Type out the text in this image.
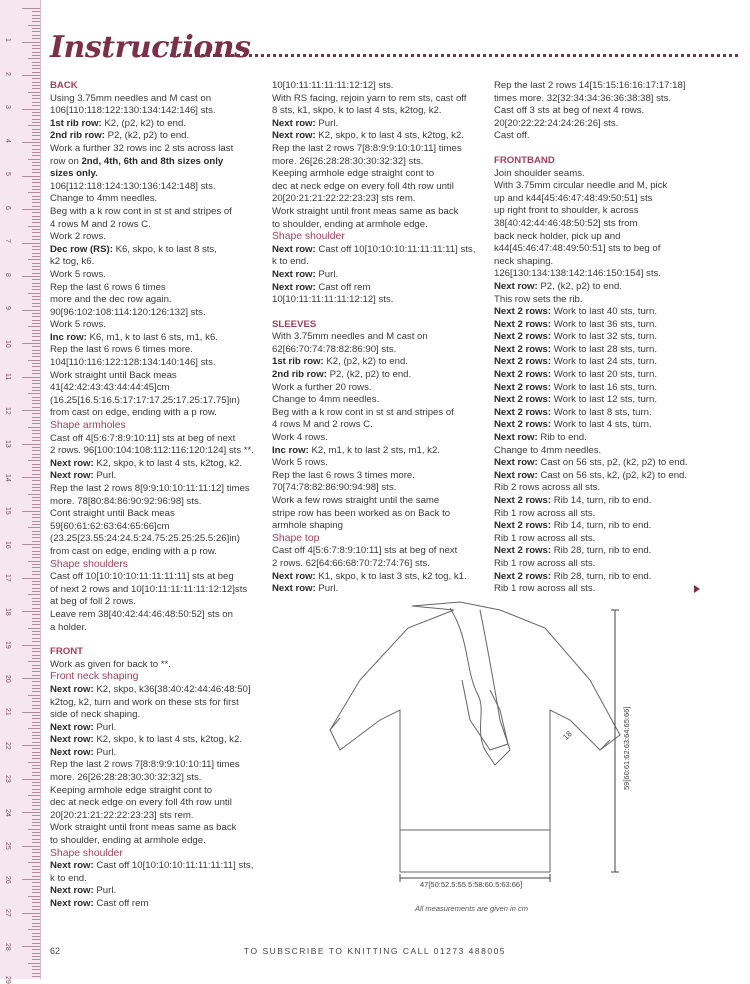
1
2
3
4
5
6
7
8
9
10
11
12
13
14
15
16
17
18
19
20
21
22
23
24
25
26
27
28
29
Instructions
BACK
Using 3.75mm needles and M cast on
106[110:118:122:130:134:142:146] sts.
1st rib row: K2, (p2, k2) to end.
2nd rib row: P2, (k2, p2) to end.
Work a further 32 rows inc 2 sts across last
row on 2nd, 4th, 6th and 8th sizes only
sizes only.
106[112:118:124:130:136:142:148] sts.
Change to 4mm needles.
Beg with a k row cont in st st and stripes of
4 rows M and 2 rows C.
Work 2 rows.
Dec row (RS): K6, skpo, k to last 8 sts,
k2 tog, k6.
Work 5 rows.
Rep the last 6 rows 6 times
more and the dec row again.
90[96:102:108:114:120:126:132] sts.
Work 5 rows.
Inc row: K6, m1, k to last 6 sts, m1, k6.
Rep the last 6 rows 6 times more.
104[110:116:122:128:134:140:146] sts.
Work straight until Back meas
41[42:42:43:43:44:44:45]cm
(16.25[16.5:16.5:17:17:17.25:17.25:17.75]in)
from cast on edge, ending with a p row.
Shape armholes
Cast off 4[5:6:7:8:9:10:11] sts at beg of next
2 rows. 96[100:104:108:112:116:120:124] sts **.
Next row: K2, skpo, k to last 4 sts, k2tog, k2.
Next row: Purl.
Rep the last 2 rows 8[9:9:10:10:11:11:12] times
more. 78[80:84:86:90:92:96:98] sts.
Cont straight until Back meas
59[60:61:62:63:64:65:66]cm
(23.25[23.55:24:24.5:24.75:25.25:25.5:26]in)
from cast on edge, ending with a p row.
Shape shoulders
Cast off 10[10:10:10:11:11:11:11] sts at beg
of next 2 rows and 10[10:11:11:11:11:12:12]sts
at beg of foll 2 rows.
Leave rem 38[40:42:44:46:48:50:52] sts on
a holder.
FRONT
Work as given for back to **.
Front neck shaping
Next row: K2, skpo, k36[38:40:42:44:46:48:50]
k2tog, k2, turn and work on these sts for first
side of neck shaping.
Next row: Purl.
Next row: K2, skpo, k to last 4 sts, k2tog, k2.
Next row: Purl.
Rep the last 2 rows 7[8:8:9:9:10:10:11] times
more. 26[26:28:28:30:30:32:32] sts.
Keeping armhole edge straight cont to
dec at neck edge on every foll 4th row until
20[20:21:21:22:22:23:23] sts rem.
Work straight until front meas same as back
to shoulder, ending at armhole edge.
Shape shoulder
Next row: Cast off 10[10:10:10:11:11:11:11] sts,
k to end.
Next row: Purl.
Next row: Cast off rem
10[10:11:11:11:11:12:12] sts.
With RS facing, rejoin yarn to rem sts, cast off
8 sts, k1, skpo, k to last 4 sts, k2tog, k2.
Next row: Purl.
Next row: K2, skpo, k to last 4 sts, k2tog, k2.
Rep the last 2 rows 7[8:8:9:9:10:10:11] times
more. 26[26:28:28:30:30:32:32] sts.
Keeping armhole edge straight cont to
dec at neck edge on every foll 4th row until
20[20:21:21:22:22:23:23] sts rem.
Work straight until front meas same as back
to shoulder, ending at armhole edge.
Shape shoulder
Next row: Cast off 10[10:10:10:11:11:11:11] sts,
k to end.
Next row: Purl.
Next row: Cast off rem
10[10:11:11:11:11:12:12] sts.
SLEEVES
With 3.75mm needles and M cast on
62[66:70:74:78:82:86:90] sts.
1st rib row: K2, (p2, k2) to end.
2nd rib row: P2, (k2, p2) to end.
Work a further 20 rows.
Change to 4mm needles.
Beg with a k row cont in st st and stripes of
4 rows M and 2 rows C.
Work 4 rows.
Inc row: K2, m1, k to last 2 sts, m1, k2.
Work 5 rows.
Rep the last 6 rows 3 times more.
70[74:78:82:86:90:94:98] sts.
Work a few rows straight until the same
stripe row has been worked as on Back to
armhole shaping
Shape top
Cast off 4[5:6:7:8:9:10:11] sts at beg of next
2 rows. 62[64:66:68:70:72:74:76] sts.
Next row: K1, skpo, k to last 3 sts, k2 tog, k1.
Next row: Purl.
Rep the last 2 rows 14[15:15:16:16:17:17:18]
times more. 32[32:34:34:36:36:38:38] sts.
Cast off 3 sts at beg of next 4 rows.
20[20:22:22:24:24:26:26] sts.
Cast off.
FRONTBAND
Join shoulder seams.
With 3.75mm circular needle and M, pick
up and k44[45:46:47:48:49:50:51] sts
up right front to shoulder, k across
38[40:42:44:46:48:50:52] sts from
back neck holder, pick up and
k44[45:46:47:48:49:50:51] sts to beg of
neck shaping.
126[130:134:138:142:146:150:154] sts.
Next row: P2, (k2, p2) to end.
This row sets the rib.
Next 2 rows: Work to last 40 sts, turn.
Next 2 rows: Work to last 36 sts, turn.
Next 2 rows: Work to last 32 sts, turn.
Next 2 rows: Work to last 28 sts, turn.
Next 2 rows: Work to last 24 sts, turn.
Next 2 rows: Work to last 20 sts, turn.
Next 2 rows: Work to last 16 sts, turn.
Next 2 rows: Work to last 12 sts, turn.
Next 2 rows: Work to last 8 sts, turn.
Next 2 rows: Work to last 4 sts, turn.
Next row: Rib to end.
Change to 4mm needles.
Next row: Cast on 56 sts, p2, (k2, p2) to end.
Next row: Cast on 56 sts, k2, (p2, k2) to end.
Rib 2 rows across all sts.
Next 2 rows: Rib 14, turn, rib to end.
Rib 1 row across all sts.
Next 2 rows: Rib 14, turn, rib to end.
Rib 1 row across all sts.
Next 2 rows: Rib 28, turn, rib to end.
Rib 1 row across all sts.
Next 2 rows: Rib 28, turn, rib to end.
Rib 1 row across all sts.
18	59[60:61:62:63:64:65:66]
47[50:52.5:55.5:58:60.5:63:66]
All measurements are given in cm
62	TO SUBSCRIBE TO KNITTING CALL 01273 488005
